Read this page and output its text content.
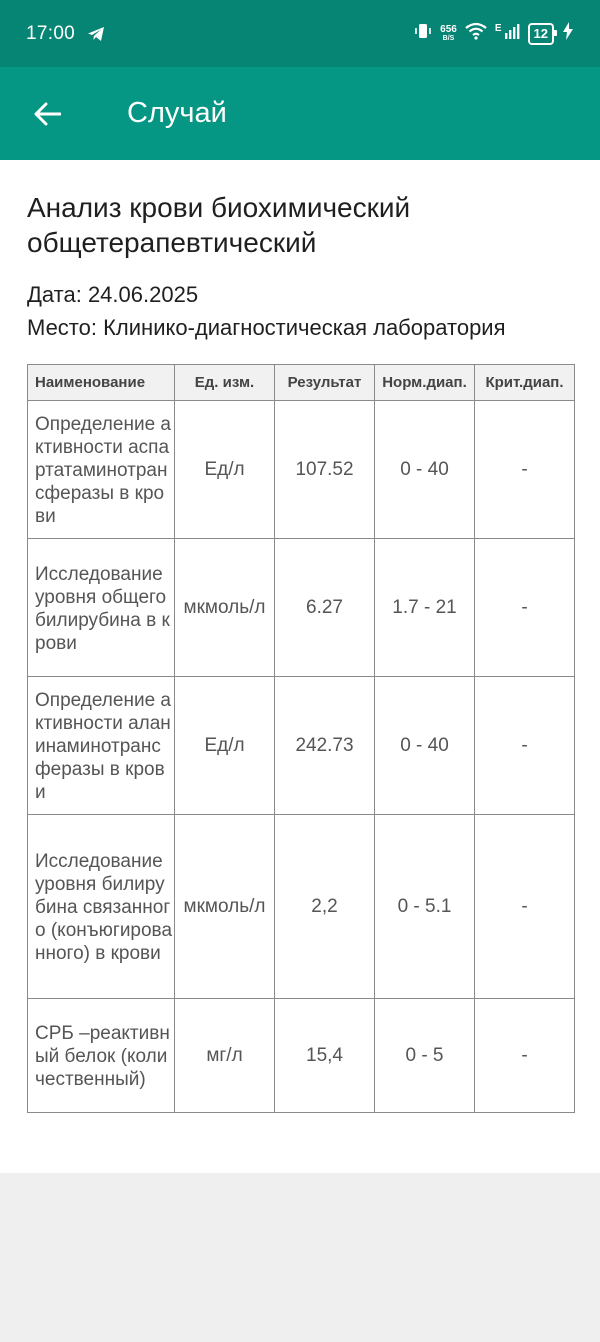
17:00	656
B/S
E 12
Случай
Анализ крови биохимический общетерапевтический
Дата: 24.06.2025
Место: Клинико-диагностическая лаборатория
Наименование	Ед. изм.	Результат	Норм.диап.	Крит.диап.
Определение активности аспартатаминотрансферазы в крови	Ед/л	107.52	0 - 40	-
Исследование уровня общего билирубина в крови	мкмоль/л	6.27	1.7 - 21	-
Определение активности аланинаминотрансферазы в крови	Ед/л	242.73	0 - 40	-
Исследование уровня билирубина связанного (конъюгированного) в крови	мкмоль/л	2,2	0 - 5.1	-
СРБ –реактивный белок (количественный)	мг/л	15,4	0 - 5	-
